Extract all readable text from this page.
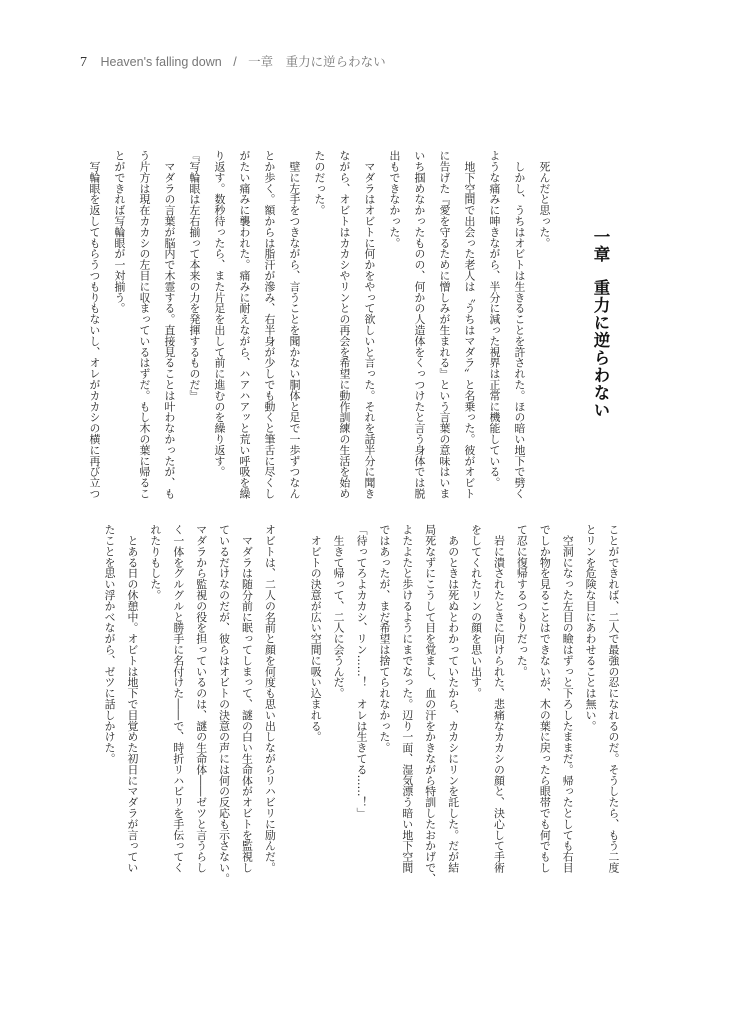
7 Heaven's falling down / 一章　重力に逆らわない
一章重力に逆らわない
　死んだと思った。
　しかし、うちはオビトは生きることを許された。ほの暗い地下で劈く
ような痛みに呻きながら、半分に減った視界は正常に機能している。
　地下空間で出会った老人は〝うちはマダラ〟と名乗った。彼がオビト
に告げた『愛を守るために憎しみが生まれる』という言葉の意味はいま
いち掴めなかったものの、何かの人造体をくっつけたと言う身体では脱
出もできなかった。
　マダラはオビトに何かをやって欲しいと言った。それを話半分に聞き
ながら、オビトはカカシやリンとの再会を希望に動作訓練の生活を始め
たのだった。
　壁に左手をつきながら、言うことを聞かない胴体と足で一歩ずつなん
とか歩く。額からは脂汗が滲み、右半身が少しでも動くと筆舌に尽くし
がたい痛みに襲われた。痛みに耐えながら、ハアハアッと荒い呼吸を繰
り返す。数秒待ったら、また片足を出して前に進むのを繰り返す。
『写輪眼は左右揃って本来の力を発揮するものだ』
　マダラの言葉が脳内で木霊する。直接見ることは叶わなかったが、も
う片方は現在カカシの左目に収まっているはずだ。もし木の葉に帰るこ
とができれば写輪眼が一対揃う。
　写輪眼を返してもらうつもりもないし、オレがカカシの横に再び立つ
ことができれば、二人で最強の忍になれるのだ。そうしたら、もう二度
とリンを危険な目にあわせることは無い。
　空洞になった左目の瞼はずっと下ろしたままだ。帰ったとしても右目
でしか物を見ることはできないが、木の葉に戻ったら眼帯でも何でもし
て忍に復帰するつもりだった。
　岩に潰されたときに向けられた、悲痛なカカシの顔と、決心して手術
をしてくれたリンの顔を思い出す。
　あのときは死ぬとわかっていたから、カカシにリンを託した。だが結
局死なずにこうして目を覚まし、血の汗をかきながら特訓したおかげで、
よたよたと歩けるようにまでなった。辺り一面、湿気漂う暗い地下空間
ではあったが、まだ希望は捨てられなかった。
「待ってろよカカシ、リン……！　オレは生きてる……！」
　生きて帰って、二人に会うんだ。
　オビトの決意が広い空間に吸い込まれる。
オビトは、二人の名前と顔を何度も思い出しながらリハビリに励んだ。
　マダラは随分前に眠ってしまって、謎の白い生命体がオビトを監視し
ているだけなのだが、彼らはオビトの決意の声には何の反応も示さない。
マダラから監視の役を担っているのは、謎の生命体――ゼツと言うらし
く一体をグルグルと勝手に名付けた――で、時折リハビリを手伝ってく
れたりもした。
　とある日の休憩中。オビトは地下で目覚めた初日にマダラが言ってい
たことを思い浮かべながら、ゼツに話しかけた。
